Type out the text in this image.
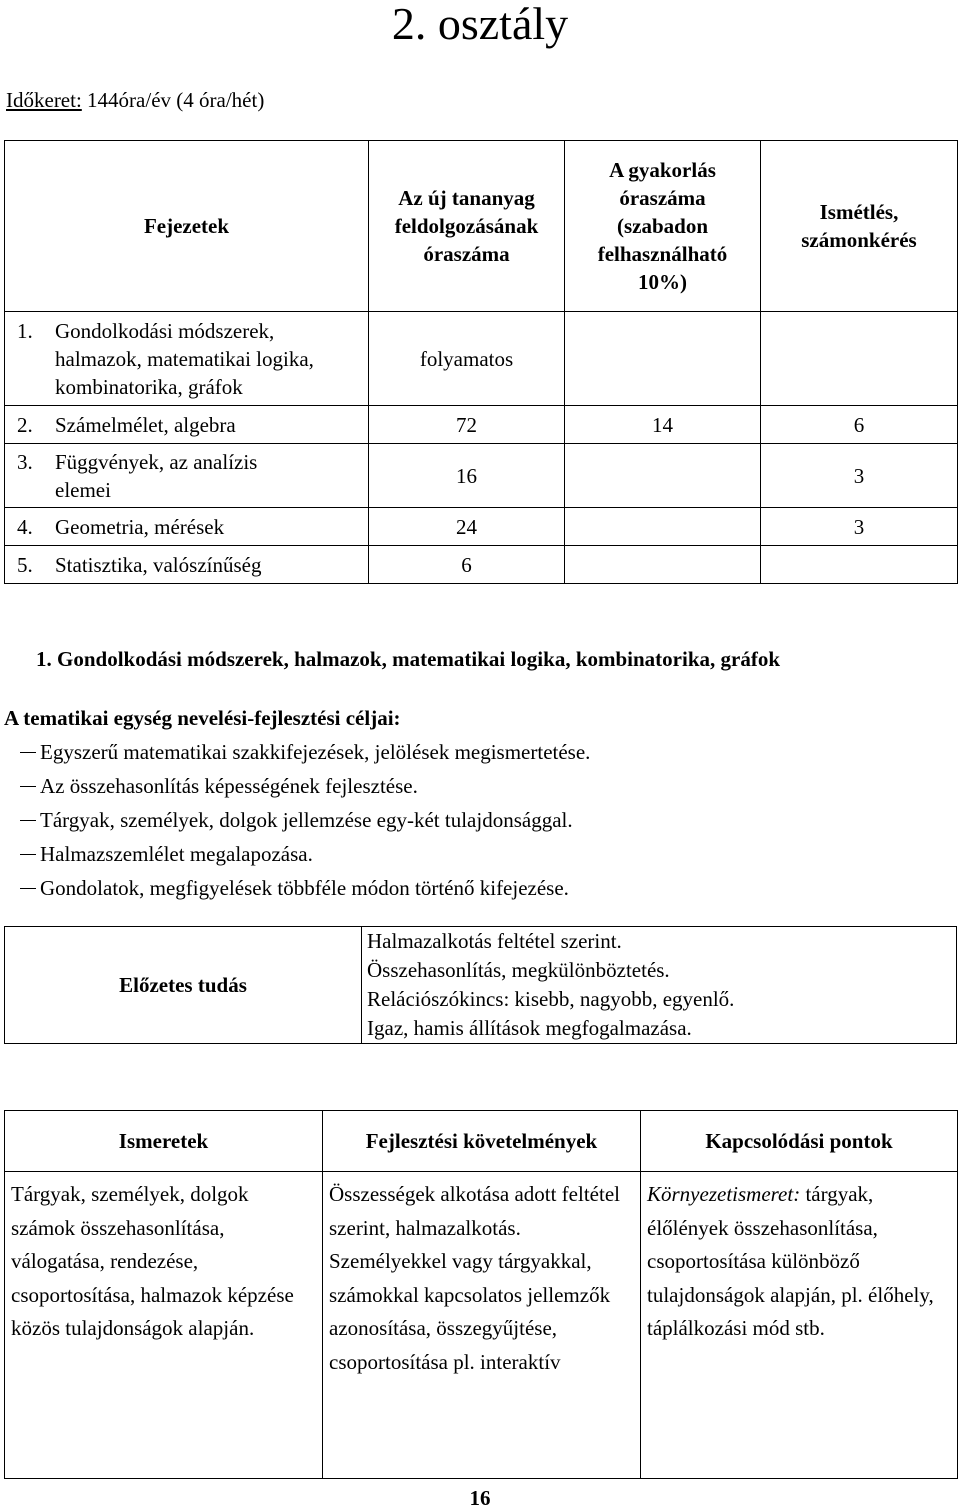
2. osztály
Időkeret: 144óra/év (4 óra/hét)
Fejezetek	Az új tananyag feldolgozásának óraszáma	A gyakorlás óraszáma (szabadon felhasználható 10%)	Ismétlés, számonkérés

1. Gondolkodási módszerek, halmazok, matematikai logika, kombinatorika, gráfok	folyamatos		

2. Számelmélet, algebra	72	14	6

3. Függvények, az analízis elemei	16		3

4. Geometria, mérések	24		3

5. Statisztika, valószínűség	6		
1. Gondolkodási módszerek, halmazok, matematikai logika, kombinatorika, gráfok
A tematikai egység nevelési-fejlesztési céljai:
Egyszerű matematikai szakkifejezések, jelölések megismertetése.
Az összehasonlítás képességének fejlesztése.
Tárgyak, személyek, dolgok jellemzése egy-két tulajdonsággal.
Halmazszemlélet megalapozása.
Gondolatok, megfigyelések többféle módon történő kifejezése.
Előzetes tudás	
Halmazalkotás feltétel szerint.
Összehasonlítás, megkülönböztetés.
Relációszókincs: kisebb, nagyobb, egyenlő.
Igaz, hamis állítások megfogalmazása.
Ismeretek	Fejlesztési követelmények	Kapcsolódási pontok
Tárgyak, személyek, dolgok számok összehasonlítása, válogatása, rendezése, csoportosítása, halmazok képzése közös tulajdonságok alapján.	Összességek alkotása adott feltétel szerint, halmazalkotás. Személyekkel vagy tárgyakkal, számokkal kapcsolatos jellemzők azonosítása, összegyűjtése, csoportosítása pl. interaktív	Környezetismeret: tárgyak, élőlények összehasonlítása, csoportosítása különböző tulajdonságok alapján, pl. élőhely, táplálkozási mód stb.
16
